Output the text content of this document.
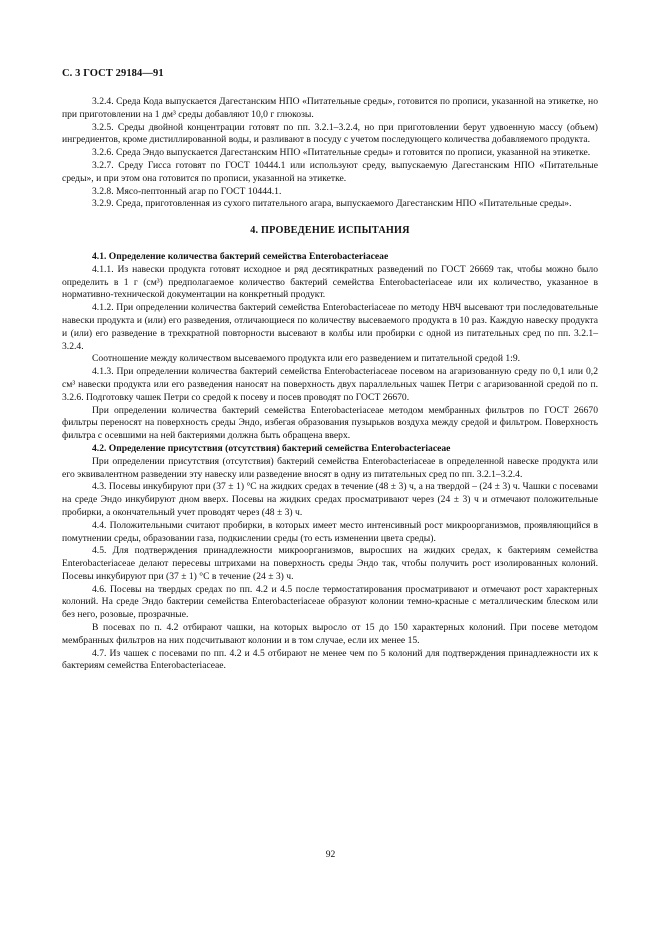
С. 3 ГОСТ 29184—91

3.2.4. Среда Кода выпускается Дагестанским НПО «Питательные среды», готовится по прописи, указанной на этикетке, но при приготовлении на 1 дм³ среды добавляют 10,0 г глюкозы.

3.2.5. Среды двойной концентрации готовят по пп. 3.2.1–3.2.4, но при приготовлении берут удвоенную массу (объем) ингредиентов, кроме дистиллированной воды, и разливают в посуду с учетом последующего количества добавляемого продукта.

3.2.6. Среда Эндо выпускается Дагестанским НПО «Питательные среды» и готовится по прописи, указанной на этикетке.

3.2.7. Среду Гисса готовят по ГОСТ 10444.1 или используют среду, выпускаемую Дагестанским НПО «Питательные среды», и при этом она готовится по прописи, указанной на этикетке.

3.2.8. Мясо-пептонный агар по ГОСТ 10444.1.

3.2.9. Среда, приготовленная из сухого питательного агара, выпускаемого Дагестанским НПО «Питательные среды».

4. ПРОВЕДЕНИЕ ИСПЫТАНИЯ

4.1. Определение количества бактерий семейства Enterobacteriaceae

4.1.1. Из навески продукта готовят исходное и ряд десятикратных разведений по ГОСТ 26669 так, чтобы можно было определить в 1 г (см³) предполагаемое количество бактерий семейства Enterobacteriaceae или их количество, указанное в нормативно-технической документации на конкретный продукт.

4.1.2. При определении количества бактерий семейства Enterobacteriaceae по методу НВЧ высевают три последовательные навески продукта и (или) его разведения, отличающиеся по количеству высеваемого продукта в 10 раз. Каждую навеску продукта и (или) его разведение в трехкратной повторности высевают в колбы или пробирки с одной из питательных сред по пп. 3.2.1–3.2.4.

Соотношение между количеством высеваемого продукта или его разведением и питательной средой 1:9.

4.1.3. При определении количества бактерий семейства Enterobacteriaceae посевом на агаризованную среду по 0,1 или 0,2 см³ навески продукта или его разведения наносят на поверхность двух параллельных чашек Петри с агаризованной средой по п. 3.2.6. Подготовку чашек Петри со средой к посеву и посев проводят по ГОСТ 26670.

При определении количества бактерий семейства Enterobacteriaceae методом мембранных фильтров по ГОСТ 26670 фильтры переносят на поверхность среды Эндо, избегая образования пузырьков воздуха между средой и фильтром. Поверхность фильтра с осевшими на ней бактериями должна быть обращена вверх.

4.2. Определение присутствия (отсутствия) бактерий семейства Enterobacteriaceae

При определении присутствия (отсутствия) бактерий семейства Enterobacteriaceae в определенной навеске продукта или его эквивалентном разведении эту навеску или разведение вносят в одну из питательных сред по пп. 3.2.1–3.2.4.

4.3. Посевы инкубируют при (37 ± 1) °С на жидких средах в течение (48 ± 3) ч, а на твердой – (24 ± 3) ч. Чашки с посевами на среде Эндо инкубируют дном вверх. Посевы на жидких средах просматривают через (24 ± 3) ч и отмечают положительные пробирки, а окончательный учет проводят через (48 ± 3) ч.

4.4. Положительными считают пробирки, в которых имеет место интенсивный рост микроорганизмов, проявляющийся в помутнении среды, образовании газа, подкислении среды (то есть изменении цвета среды).

4.5. Для подтверждения принадлежности микроорганизмов, выросших на жидких средах, к бактериям семейства Enterobacteriaceae делают пересевы штрихами на поверхность среды Эндо так, чтобы получить рост изолированных колоний. Посевы инкубируют при (37 ± 1) °С в течение (24 ± 3) ч.

4.6. Посевы на твердых средах по пп. 4.2 и 4.5 после термостатирования просматривают и отмечают рост характерных колоний. На среде Эндо бактерии семейства Enterobacteriaceae образуют колонии темно-красные с металлическим блеском или без него, розовые, прозрачные.

В посевах по п. 4.2 отбирают чашки, на которых выросло от 15 до 150 характерных колоний. При посеве методом мембранных фильтров на них подсчитывают колонии и в том случае, если их менее 15.

4.7. Из чашек с посевами по пп. 4.2 и 4.5 отбирают не менее чем по 5 колоний для подтверждения принадлежности их к бактериям семейства Enterobacteriaceae.

92
